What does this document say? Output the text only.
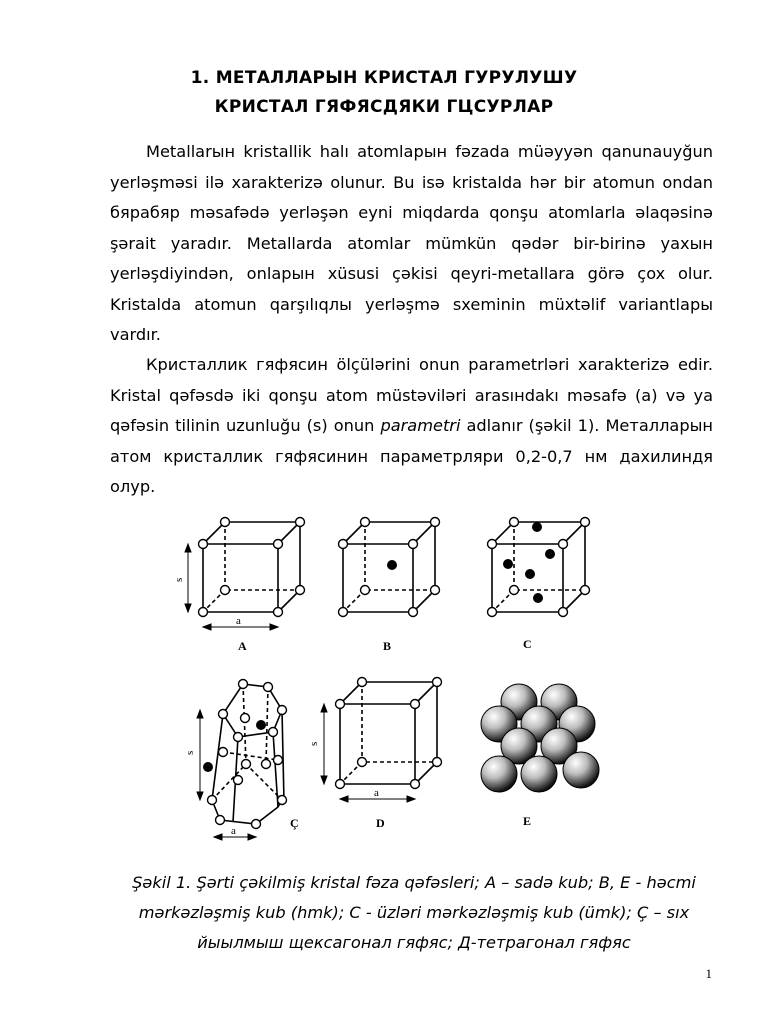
1. МЕТАЛЛАРЫН КРИСТАЛ ГУРУЛУШУ
КРИСТАЛ ГЯФЯСДЯКИ ГЦСУРЛАР

Metallarын kristallik halı atomlapын fəzada müəyyən qanunauyğun yerləşməsi ilə xarakterizə olunur. Bu isə kristalda hər bir atomun ondan бярабяр məsafədə yerləşən eyni miqdarda qonşu atomlarla əlaqəsinə şərait yaradır. Metallarda atomlar mümkün qədər bir-birinə yaxын yerləşdiyindən, onlapын xüsusi çəkisi qeyri-metallara görə çox olur. Kristalda atomun qarşılıqлы yerləşmə sxeminin müxtəlif variantlapы vardır.

Кристаллик гяфясин ölçülərini onun parametrləri xarakterizə edir. Kristal qəfəsdə iki qonşu atom müstəviləri arasıнdakı məsafə (a) və ya qəfəsin tilinin uzunluğu (s) onun parametri adlanır (şəkil 1). Металларын атом кристаллик гяфясинин параметрляри 0,2-0,7 нм дахилиндя олур.

s
a
s
a
s
a
A	B	C
Ç	D	E
Şəkil 1. Şərti çəkilmiş kristal fəza qəfəsleri; A – sadə kub; B, E - həcmi mərkəzləşmiş kub (hmk); C - üzləri mərkəzləşmiş kub (ümk); Ç – sıx йыылмыш щексагонал гяфяс; Д-тетрагонал гяфяс
1
